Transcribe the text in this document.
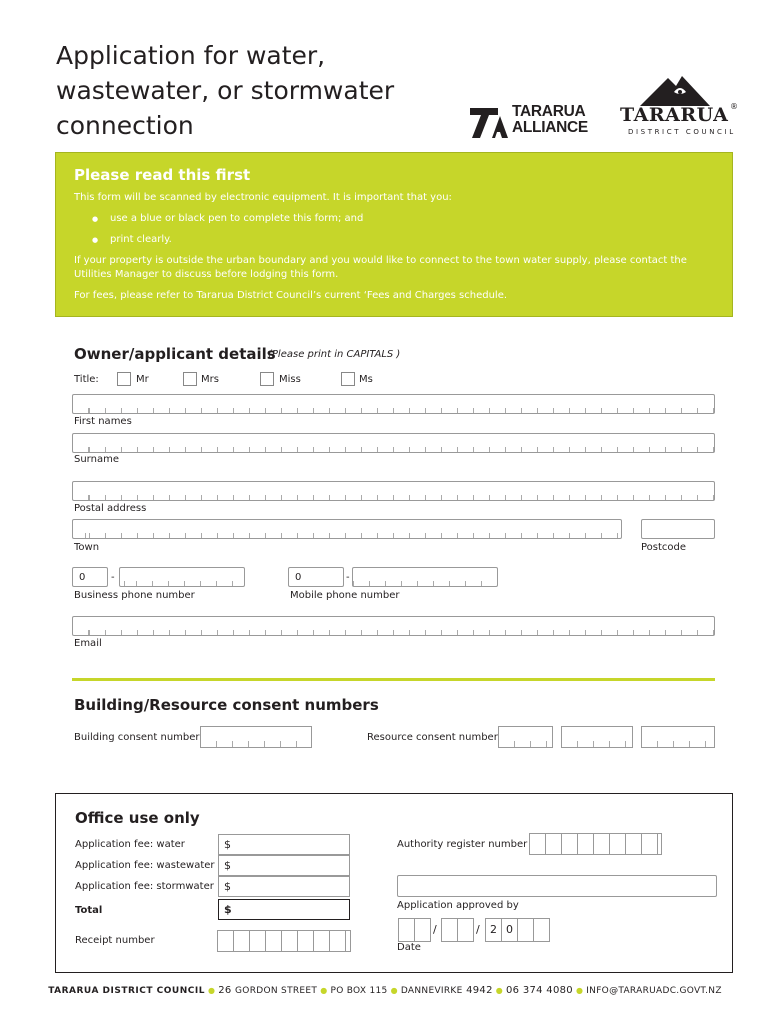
Application for water,
wastewater, or stormwater
connection	TARARUA
ALLIANCE
TARARUA ®
DISTRICT COUNCIL
Please read this first

This form will be scanned by electronic equipment. It is important that you:

● use a blue or black pen to complete this form; and

● print clearly.

If your property is outside the urban boundary and you would like to connect to the town water supply, please contact the Utilities Manager to discuss before lodging this form.

For fees, please refer to Tararua District Council’s current ‘Fees and Charges schedule.

Owner/applicant details
(Please print in CAPITALS )
Title:	Mr	Mrs	Miss	Ms
First names
Surname
Postal address
Town	Postcode
0	-
Business phone number
0	-
Mobile phone number
Email
Building/Resource consent numbers
Building consent number	Resource consent number
Office use only
Application fee: water	$
Application fee: wastewater $
Application fee: stormwater $
Total	$
Receipt number
Authority register number
Application approved by
/	/ 2 0
Date
TARARUA DISTRICT COUNCIL ● 26 GORDON STREET ● PO BOX 115 ● DANNEVIRKE 4942 ● 06 374 4080 ● INFO@TARARUADC.GOVT.NZ
